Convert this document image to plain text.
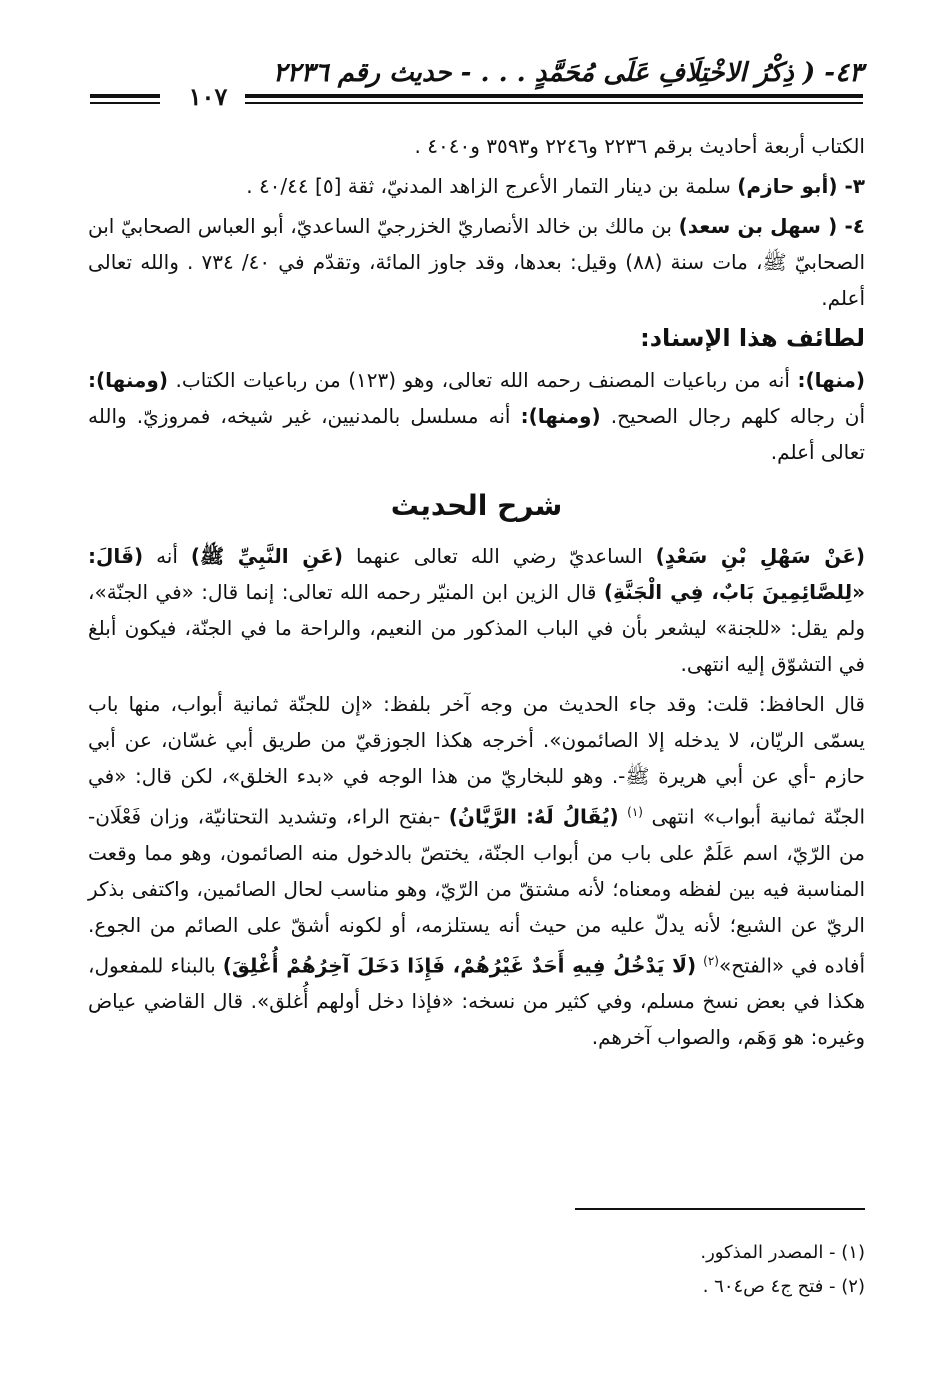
٤٣- ( ذِكْرُ الاخْتِلَافِ عَلَى مُحَمَّدٍ . . . - حديث رقم ٢٢٣٦
١٠٧

الكتاب أربعة أحاديث برقم ٢٢٣٦ و٢٢٤٦ و٣٥٩٣ و٤٠٤٠ .

٣- (أبو حازم) سلمة بن دينار التمار الأعرج الزاهد المدنيّ، ثقة [٥] ٤٠/٤٤ .

٤- ( سهل بن سعد) بن مالك بن خالد الأنصاريّ الخزرجيّ الساعديّ، أبو العباس الصحابيّ ابن الصحابيّ ﷺ، مات سنة (٨٨) وقيل: بعدها، وقد جاوز المائة، وتقدّم في ٤٠/ ٧٣٤ . والله تعالى أعلم.

لطائف هذا الإسناد:

(منها): أنه من رباعيات المصنف رحمه الله تعالى، وهو (١٢٣) من رباعيات الكتاب. (ومنها): أن رجاله كلهم رجال الصحيح. (ومنها): أنه مسلسل بالمدنيين، غير شيخه، فمروزيّ. والله تعالى أعلم.

شرح الحديث

(عَنْ سَهْلِ بْنِ سَعْدٍ) الساعديّ رضي الله تعالى عنهما (عَنِ النَّبِيِّ ﷺ) أنه (قَالَ: «لِلصَّائِمِينَ بَابٌ، فِي الْجَنَّةِ) قال الزين ابن المنيّر رحمه الله تعالى: إنما قال: «في الجنّة»، ولم يقل: «للجنة» ليشعر بأن في الباب المذكور من النعيم، والراحة ما في الجنّة، فيكون أبلغ في التشوّق إليه انتهى.

قال الحافظ: قلت: وقد جاء الحديث من وجه آخر بلفظ: «إن للجنّة ثمانية أبواب، منها باب يسمّى الريّان، لا يدخله إلا الصائمون». أخرجه هكذا الجوزقيّ من طريق أبي غسّان، عن أبي حازم -أي عن أبي هريرة ﷺ-. وهو للبخاريّ من هذا الوجه في «بدء الخلق»، لكن قال: «في الجنّة ثمانية أبواب» انتهى $^{(١)}$ (يُقَالُ لَهُ: الرَّيَّانُ) -بفتح الراء، وتشديد التحتانيّة، وزان فَعْلَان- من الرّيّ، اسم عَلَمٌ على باب من أبواب الجنّة، يختصّ بالدخول منه الصائمون، وهو مما وقعت المناسبة فيه بين لفظه ومعناه؛ لأنه مشتقّ من الرّيّ، وهو مناسب لحال الصائمين، واكتفى بذكر الريّ عن الشبع؛ لأنه يدلّ عليه من حيث أنه يستلزمه، أو لكونه أشقّ على الصائم من الجوع. أفاده في «الفتح»$^{(٢)}$ (لَا يَدْخُلُ فِيهِ أَحَدٌ غَيْرُهُمْ، فَإِذَا دَخَلَ آخِرُهُمْ أُغْلِقَ) بالبناء للمفعول، هكذا في بعض نسخ مسلم، وفي كثير من نسخه: «فإذا دخل أولهم أُغلق». قال القاضي عياض وغيره: هو وَهَم، والصواب آخرهم.

(١) - المصدر المذكور.
(٢) - فتح ج٤ ص٦٠٤ .
